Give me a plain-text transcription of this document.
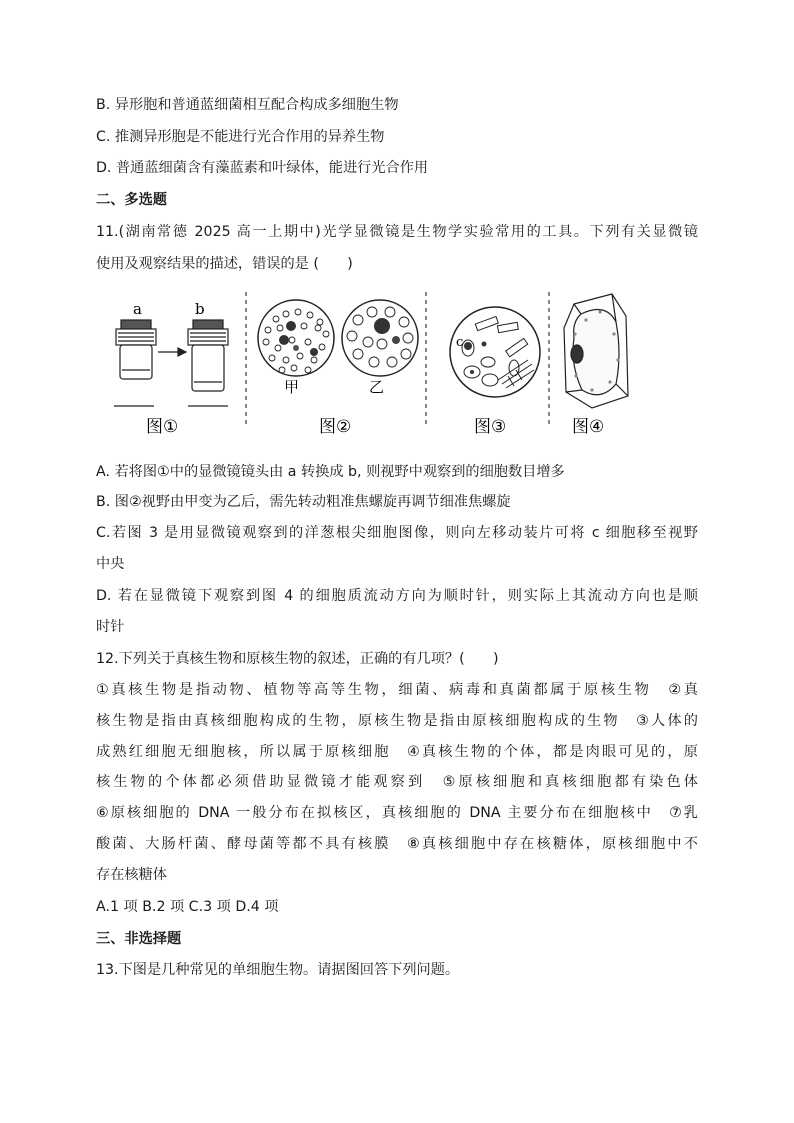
B. 异形胞和普通蓝细菌相互配合构成多细胞生物
C. 推测异形胞是不能进行光合作用的异养生物
D. 普通蓝细菌含有藻蓝素和叶绿体，能进行光合作用
二、多选题
11.(湖南常德 2025 高一上期中)光学显微镜是生物学实验常用的工具。下列有关显微镜
使用及观察结果的描述，错误的是 (　　)
a	b
图①
甲	乙
图②
c
图③	图④
A. 若将图①中的显微镜镜头由 a 转换成 b, 则视野中观察到的细胞数目增多
B. 图②视野由甲变为乙后，需先转动粗准焦螺旋再调节细准焦螺旋
C.若图 3 是用显微镜观察到的洋葱根尖细胞图像，则向左移动装片可将 c 细胞移至视野
中央
D. 若在显微镜下观察到图 4 的细胞质流动方向为顺时针，则实际上其流动方向也是顺
时针
12.下列关于真核生物和原核生物的叙述，正确的有几项？(　　)
①真核生物是指动物、植物等高等生物，细菌、病毒和真菌都属于原核生物　②真
核生物是指由真核细胞构成的生物，原核生物是指由原核细胞构成的生物　③人体的
成熟红细胞无细胞核，所以属于原核细胞　④真核生物的个体，都是肉眼可见的，原
核生物的个体都必须借助显微镜才能观察到　⑤原核细胞和真核细胞都有染色体
⑥原核细胞的 DNA 一般分布在拟核区，真核细胞的 DNA 主要分布在细胞核中　⑦乳
酸菌、大肠杆菌、酵母菌等都不具有核膜　⑧真核细胞中存在核糖体，原核细胞中不
存在核糖体
A.1 项 B.2 项 C.3 项 D.4 项
三、非选择题
13.下图是几种常见的单细胞生物。请据图回答下列问题。
